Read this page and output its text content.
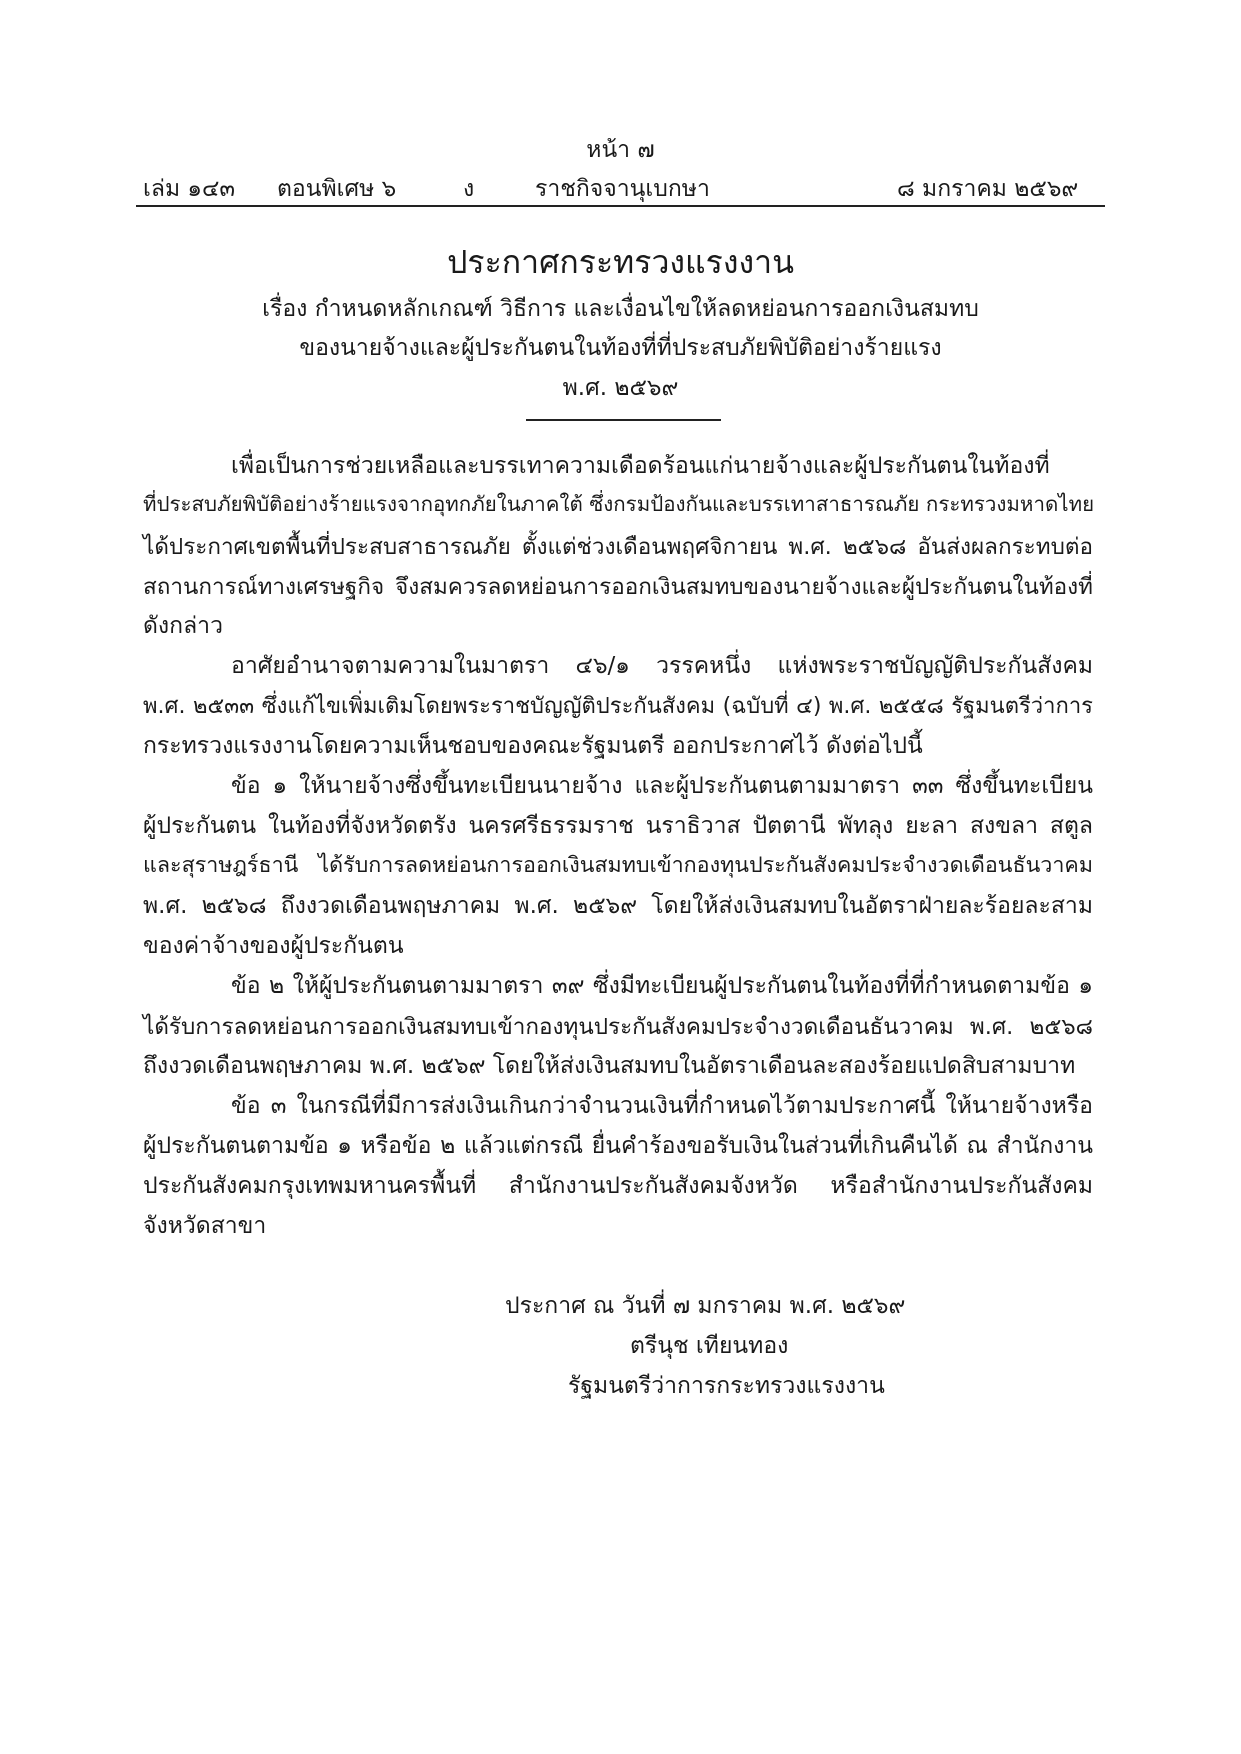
หน้า ๗
เล่ม ๑๔๓ ตอนพิเศษ ๖	ง	ราชกิจจานุเบกษา	๘ มกราคม ๒๕๖๙
ประกาศกระทรวงแรงงาน
เรื่อง กำหนดหลักเกณฑ์ วิธีการ และเงื่อนไขให้ลดหย่อนการออกเงินสมทบ
ของนายจ้างและผู้ประกันตนในท้องที่ที่ประสบภัยพิบัติอย่างร้ายแรง
พ.ศ. ๒๕๖๙
เพื่อเป็นการช่วยเหลือและบรรเทาความเดือดร้อนแก่นายจ้างและผู้ประกันตนในท้องที่
ที่ประสบภัยพิบัติอย่างร้ายแรงจากอุทกภัยในภาคใต้ ซึ่งกรมป้องกันและบรรเทาสาธารณภัย กระทรวงมหาดไทย
ได้ประกาศเขตพื้นที่ประสบสาธารณภัย ตั้งแต่ช่วงเดือนพฤศจิกายน พ.ศ. ๒๕๖๘ อันส่งผลกระทบต่อ
สถานการณ์ทางเศรษฐกิจ จึงสมควรลดหย่อนการออกเงินสมทบของนายจ้างและผู้ประกันตนในท้องที่
ดังกล่าว
อาศัยอำนาจตามความในมาตรา ๔๖/๑ วรรคหนึ่ง แห่งพระราชบัญญัติประกันสังคม
พ.ศ. ๒๕๓๓ ซึ่งแก้ไขเพิ่มเติมโดยพระราชบัญญัติประกันสังคม (ฉบับที่ ๔) พ.ศ. ๒๕๕๘ รัฐมนตรีว่าการ
กระทรวงแรงงานโดยความเห็นชอบของคณะรัฐมนตรี ออกประกาศไว้ ดังต่อไปนี้
ข้อ ๑ ให้นายจ้างซึ่งขึ้นทะเบียนนายจ้าง และผู้ประกันตนตามมาตรา ๓๓ ซึ่งขึ้นทะเบียน
ผู้ประกันตน ในท้องที่จังหวัดตรัง นครศรีธรรมราช นราธิวาส ปัตตานี พัทลุง ยะลา สงขลา สตูล
และสุราษฎร์ธานี ได้รับการลดหย่อนการออกเงินสมทบเข้ากองทุนประกันสังคมประจำงวดเดือนธันวาคม
พ.ศ. ๒๕๖๘ ถึงงวดเดือนพฤษภาคม พ.ศ. ๒๕๖๙ โดยให้ส่งเงินสมทบในอัตราฝ่ายละร้อยละสาม
ของค่าจ้างของผู้ประกันตน
ข้อ ๒ ให้ผู้ประกันตนตามมาตรา ๓๙ ซึ่งมีทะเบียนผู้ประกันตนในท้องที่ที่กำหนดตามข้อ ๑
ได้รับการลดหย่อนการออกเงินสมทบเข้ากองทุนประกันสังคมประจำงวดเดือนธันวาคม พ.ศ. ๒๕๖๘
ถึงงวดเดือนพฤษภาคม พ.ศ. ๒๕๖๙ โดยให้ส่งเงินสมทบในอัตราเดือนละสองร้อยแปดสิบสามบาท
ข้อ ๓ ในกรณีที่มีการส่งเงินเกินกว่าจำนวนเงินที่กำหนดไว้ตามประกาศนี้ ให้นายจ้างหรือ
ผู้ประกันตนตามข้อ ๑ หรือข้อ ๒ แล้วแต่กรณี ยื่นคำร้องขอรับเงินในส่วนที่เกินคืนได้ ณ สำนักงาน
ประกันสังคมกรุงเทพมหานครพื้นที่ สำนักงานประกันสังคมจังหวัด หรือสำนักงานประกันสังคม
จังหวัดสาขา
ประกาศ ณ วันที่ ๗ มกราคม พ.ศ. ๒๕๖๙
ตรีนุช เทียนทอง
รัฐมนตรีว่าการกระทรวงแรงงาน
